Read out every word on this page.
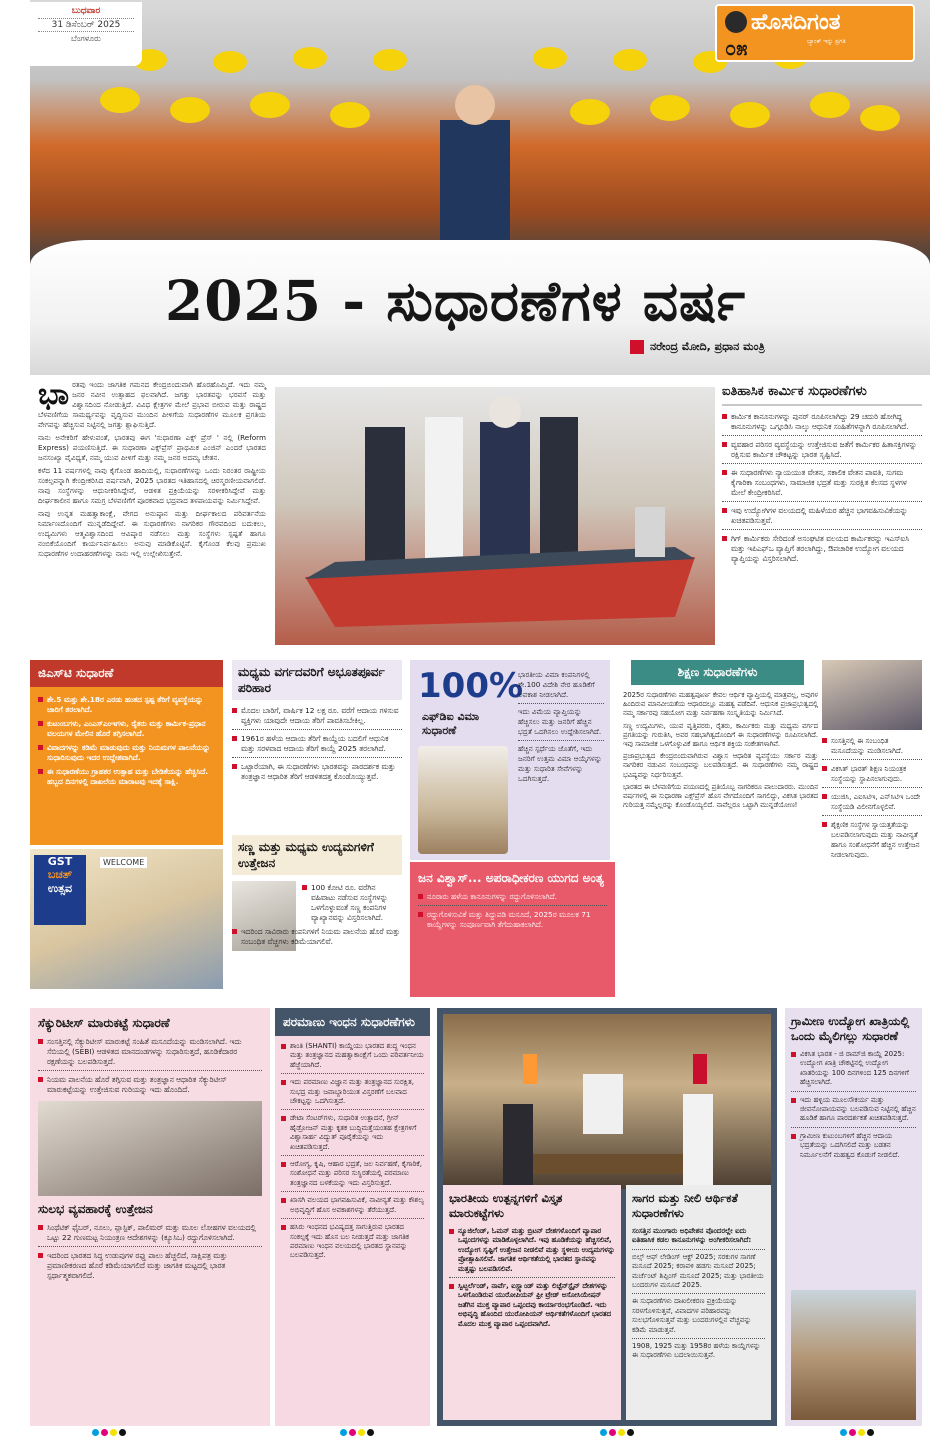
ಬುಧವಾರ
31 ಡಿಸೆಂಬರ್ 2025
ಬೆಂಗಳೂರು
ಹೊಸದಿಗಂತ
ಬ್ಯಾಂಕ್ ಇನ್ನು ಪ್ರಗತಿ
೦೫
2025 - ಸುಧಾರಣೆಗಳ ವರ್ಷ
ನರೇಂದ್ರ ಮೋದಿ, ಪ್ರಧಾನ ಮಂತ್ರಿ
ಭಾ ರತವು ಇಂದು ಜಾಗತಿಕ ಗಮನದ ಕೇಂದ್ರಬಿಂದುವಾಗಿ ಹೊರಹೊಮ್ಮಿದೆ. ಇದು ನಮ್ಮ ಜನರ ನವೀನ ಉತ್ಸಾಹದ ಫಲವಾಗಿದೆ. ಜಗತ್ತು ಭಾರತವನ್ನು ಭರವಸೆ ಮತ್ತು ವಿಶ್ವಾಸದಿಂದ ನೋಡುತ್ತಿದೆ. ವಿವಿಧ ಕ್ಷೇತ್ರಗಳ ಮೇಲೆ ಪ್ರಭಾವ ಬೀರುವ ಮತ್ತು ರಾಷ್ಟ್ರದ ಬೆಳವಣಿಗೆಯ ಸಾಮರ್ಥ್ಯವನ್ನು ವೃದ್ಧಿಸುವ ಮುಂದಿನ ಪೀಳಿಗೆಯ ಸುಧಾರಣೆಗಳ ಮೂಲಕ ಪ್ರಗತಿಯ ವೇಗವನ್ನು ಹೆಚ್ಚಿಸುವ ನಿಟ್ಟಿನಲ್ಲಿ ಜಗತ್ತು ಶ್ಲಾಘಿಸುತ್ತಿದೆ.

ನಾನು ಅನೇಕರಿಗೆ ಹೇಳುವಂತೆ, ಭಾರತವು ಈಗ 'ಸುಧಾರಣಾ ಎಕ್ಸ್ ಪ್ರೆಸ್ ' ನಲ್ಲಿ (Reform Express) ಪಯಣಿಸುತ್ತಿದೆ. ಈ ಸುಧಾರಣಾ ಎಕ್ಸ್‌ಪ್ರೆಸ್ ಪ್ರಾಥಮಿಕ ಎಂಜಿನ್ ಎಂದರೆ ಭಾರತದ ಜನಸಂಖ್ಯಾ ವೈವಿಧ್ಯತೆ, ನಮ್ಮ ಯುವ ಪೀಳಿಗೆ ಮತ್ತು ನಮ್ಮ ಜನರ ಅದಮ್ಯ ಚೇತನ.

ಕಳೆದ 11 ವರ್ಷಗಳಲ್ಲಿ ನಾವು ಕೈಗೊಂಡ ಹಾದಿಯಲ್ಲಿ, ಸುಧಾರಣೆಗಳನ್ನು ಒಂದು ನಿರಂತರ ರಾಷ್ಟ್ರೀಯ ಸಂಕಲ್ಪವನ್ನಾಗಿ ಕೇಂದ್ರೀಕರಿಸಿದ ವರ್ಷವಾಗಿ, 2025 ಭಾರತದ ಇತಿಹಾಸದಲ್ಲಿ ಚಿರಸ್ಮರಣೀಯವಾಗಲಿದೆ. ನಾವು ಸಂಸ್ಥೆಗಳನ್ನು ಆಧುನೀಕರಿಸಿದ್ದೇವೆ, ಆಡಳಿತ ಪ್ರಕ್ರಿಯೆಯನ್ನು ಸರಳೀಕರಿಸಿದ್ದೇವೆ ಮತ್ತು ದೀರ್ಘಕಾಲೀನ ಹಾಗೂ ಸಮಗ್ರ ಬೆಳವಣಿಗೆಗೆ ಪೂರಕವಾದ ಭದ್ರವಾದ ತಳಪಾಯವನ್ನು ನಿರ್ಮಿಸಿದ್ದೇವೆ.

ನಾವು ಉನ್ನತ ಮಹತ್ವಾಕಾಂಕ್ಷೆ, ವೇಗದ ಅನುಷ್ಠಾನ ಮತ್ತು ದೀರ್ಘಕಾಲದ ಪರಿವರ್ತನೆಯ ನಿರ್ಮಾಣದೊಂದಿಗೆ ಮುನ್ನಡೆದಿದ್ದೇವೆ. ಈ ಸುಧಾರಣೆಗಳು ನಾಗರಿಕರ ಗೌರವದಿಂದ ಬದುಕಲು, ಉದ್ಯಮಿಗಳು ಆತ್ಮವಿಶ್ವಾಸದಿಂದ ಆವಿಷ್ಕಾರ ನಡೆಸಲು ಮತ್ತು ಸಂಸ್ಥೆಗಳು ಸ್ಪಷ್ಟತೆ ಹಾಗೂ ನಂಬಿಕೆಯೊಂದಿಗೆ ಕಾರ್ಯನಿರ್ವಹಿಸಲು ಅನುವು ಮಾಡಿಕೊಟ್ಟಿವೆ. ಕೈಗೊಂಡ ಕೆಲವು ಪ್ರಮುಖ ಸುಧಾರಣೆಗಳ ಉದಾಹರಣೆಗಳನ್ನು ನಾನು ಇಲ್ಲಿ ಉಲ್ಲೇಖಿಸುತ್ತೇನೆ.

ಐತಿಹಾಸಿಕ ಕಾರ್ಮಿಕ ಸುಧಾರಣೆಗಳು
ಕಾರ್ಮಿಕ ಕಾನೂನುಗಳನ್ನು ಪುನರ್ ರೂಪಿಸಲಾಗಿದ್ದು 29 ಚದುರಿ ಹೋಗಿದ್ದ ಕಾನೂನುಗಳನ್ನು ಒಗ್ಗೂಡಿಸಿ ನಾಲ್ಕು ಆಧುನಿಕ ಸಂಹಿತೆಗಳನ್ನಾಗಿ ರೂಪಿಸಲಾಗಿದೆ.
ವ್ಯವಹಾರ ಪರಿಸರ ವ್ಯವಸ್ಥೆಯನ್ನು ಉತ್ತೇಜಿಸುವ ಜತೆಗೆ ಕಾರ್ಮಿಕರ ಹಿತಾಸಕ್ತಿಗಳನ್ನು ರಕ್ಷಿಸುವ ಕಾರ್ಮಿಕ ಚೌಕಟ್ಟನ್ನು ಭಾರತ ಸೃಷ್ಟಿಸಿದೆ.
ಈ ಸುಧಾರಣೆಗಳು ನ್ಯಾಯಯುತ ವೇತನ, ಸಕಾಲಿಕ ವೇತನ ಪಾವತಿ, ಸುಗಮ ಕೈಗಾರಿಕಾ ಸಂಬಂಧಗಳು, ಸಾಮಾಜಿಕ ಭದ್ರತೆ ಮತ್ತು ಸುರಕ್ಷಿತ ಕೆಲಸದ ಸ್ಥಳಗಳ ಮೇಲೆ ಕೇಂದ್ರೀಕರಿಸಿವೆ.
ಇವು ಉದ್ಯೋಗಿಗಳ ವಲಯದಲ್ಲಿ ಮಹಿಳೆಯರ ಹೆಚ್ಚಿನ ಭಾಗವಹಿಸುವಿಕೆಯನ್ನು ಖಚಿತಪಡಿಸುತ್ತವೆ.
ಗಿಗ್ ಕಾರ್ಮಿಕರು ಸೇರಿದಂತೆ ಅಸಂಘಟಿತ ವಲಯದ ಕಾರ್ಮಿಕರನ್ನು ಇಎಸ್‌ಐಸಿ ಮತ್ತು ಇಪಿಎಫ್‌ಒ ವ್ಯಾಪ್ತಿಗೆ ತರಲಾಗಿದ್ದು, ಔಪಚಾರಿಕ ಉದ್ಯೋಗ ವಲಯದ ವ್ಯಾಪ್ತಿಯನ್ನು ವಿಸ್ತರಿಸಲಾಗಿದೆ.
ಜಿಎಸ್‌ಟಿ ಸುಧಾರಣೆ
ಶೇ.5 ಮತ್ತು ಶೇ.18ರ ಎರಡು ಹಂತದ ಸ್ಪಷ್ಟ ತೆರಿಗೆ ವ್ಯವಸ್ಥೆಯನ್ನು ಜಾರಿಗೆ ತರಲಾಗಿದೆ.
ಕುಟುಂಬಗಳು, ಎಂಎಸ್‌ಎಂಇಗಳು, ರೈತರು ಮತ್ತು ಕಾರ್ಮಿಕ-ಪ್ರಧಾನ ವಲಯಗಳ ಮೇಲಿನ ಹೊರೆ ತಗ್ಗಿಸಲಾಗಿದೆ.
ವಿವಾದಗಳನ್ನು ಕಡಿಮೆ ಮಾಡುವುದು ಮತ್ತು ನಿಯಮಗಳ ಪಾಲನೆಯನ್ನು ಸುಧಾರಿಸುವುದು ಇದರ ಉದ್ದೇಶವಾಗಿದೆ.
ಈ ಸುಧಾರಣೆಯು ಗ್ರಾಹಕರ ಉತ್ಸಾಹ ಮತ್ತು ಬೇಡಿಕೆಯನ್ನು ಹೆಚ್ಚಿಸಿದೆ. ಹಬ್ಬದ ದಿನಗಳಲ್ಲಿ ದಾಖಲೆಯ ಮಾರಾಟವು ಇದಕ್ಕೆ ಸಾಕ್ಷಿ.
GST
ಬಚತ್
ಉತ್ಸವ
WELCOME
ಮಧ್ಯಮ ವರ್ಗದವರಿಗೆ ಅಭೂತಪೂರ್ವ ಪರಿಹಾರ
ಮೊದಲ ಬಾರಿಗೆ, ವಾರ್ಷಿಕ 12 ಲಕ್ಷ ರೂ. ವರೆಗೆ ಆದಾಯ ಗಳಿಸುವ ವ್ಯಕ್ತಿಗಳು ಯಾವುದೇ ಆದಾಯ ತೆರಿಗೆ ಪಾವತಿಸಬೇಕಿಲ್ಲ.
1961ರ ಹಳೆಯ ಆದಾಯ ತೆರಿಗೆ ಕಾಯ್ದೆಯ ಬದಲಿಗೆ ಆಧುನಿಕ ಮತ್ತು ಸರಳವಾದ ಆದಾಯ ತೆರಿಗೆ ಕಾಯ್ದೆ 2025 ತರಲಾಗಿದೆ.
ಒಟ್ಟಾರೆಯಾಗಿ, ಈ ಸುಧಾರಣೆಗಳು ಭಾರತವನ್ನು ಪಾರದರ್ಶಕ ಮತ್ತು ತಂತ್ರಜ್ಞಾನ ಆಧಾರಿತ ತೆರಿಗೆ ಆಡಳಿತದತ್ತ ಕೊಂಡೊಯ್ಯುತ್ತವೆ.
ಸಣ್ಣ ಮತ್ತು ಮಧ್ಯಮ ಉದ್ಯಮಗಳಿಗೆ ಉತ್ತೇಜನ
100 ಕೋಟಿ ರೂ. ವರೆಗಿನ ವಹಿವಾಟು ನಡೆಸುವ ಸಂಸ್ಥೆಗಳನ್ನು ಒಳಗೊಳ್ಳುವಂತೆ ಸಣ್ಣ ಕಂಪನಿಗಳ ವ್ಯಾಖ್ಯಾನವನ್ನು ವಿಸ್ತರಿಸಲಾಗಿದೆ.
ಇದರಿಂದ ಸಾವಿರಾರು ಕಂಪನಿಗಳಿಗೆ ನಿಯಮ ಪಾಲನೆಯ ಹೊರೆ ಮತ್ತು ಸಂಬಂಧಿತ ವೆಚ್ಚಗಳು ಕಡಿಮೆಯಾಗಲಿವೆ.
100%
ಎಫ್‌ಡಿಐ ವಿಮಾ ಸುಧಾರಣೆ

ಭಾರತೀಯ ವಿಮಾ ಕಂಪನಿಗಳಲ್ಲಿ ಶೇ.100 ವಿದೇಶಿ ನೇರ ಹೂಡಿಕೆಗೆ ಅವಕಾಶ ನೀಡಲಾಗಿದೆ.

ಇದು ವಿಮೆಯ ವ್ಯಾಪ್ತಿಯನ್ನು ಹೆಚ್ಚಿಸಲು ಮತ್ತು ಜನರಿಗೆ ಹೆಚ್ಚಿನ ಭದ್ರತೆ ಒದಗಿಸಲು ಉದ್ದೇಶಿಸಲಾಗಿದೆ.

ಹೆಚ್ಚಿನ ಸ್ಪರ್ಧೆಯ ಜೊತೆಗೆ, ಇದು ಜನರಿಗೆ ಉತ್ತಮ ವಿಮಾ ಆಯ್ಕೆಗಳನ್ನು ಮತ್ತು ಸುಧಾರಿತ ಸೇವೆಗಳನ್ನು ಒದಗಿಸುತ್ತದೆ.

ಜನ ವಿಶ್ವಾಸ್... ಅಪರಾಧೀಕರಣ ಯುಗದ ಅಂತ್ಯ
ನೂರಾರು ಹಳೆಯ ಕಾನೂನುಗಳನ್ನು ರದ್ದುಗೊಳಿಸಲಾಗಿದೆ.
ರದ್ದುಗೊಳಿಸುವಿಕೆ ಮತ್ತು ತಿದ್ದುಪಡಿ ಮಸೂದೆ, 2025ರ ಮೂಲಕ 71 ಕಾಯ್ದೆಗಳನ್ನು ಸಂಪೂರ್ಣವಾಗಿ ತೆಗೆದುಹಾಕಲಾಗಿದೆ.
ಶಿಕ್ಷಣ ಸುಧಾರಣೆಗಳು

2025ರ ಸುಧಾರಣೆಗಳು ಮಹತ್ವಪೂರ್ಣ ಕೇವಲ ಆರ್ಥಿಕ ವ್ಯಾಪ್ತಿಯಲ್ಲಿ ಮಾತ್ರವಲ್ಲ, ಅವುಗಳ ಹಿಂದಿರುವ ಮಾನವೀಯತೆಯ ಆಧಾರದಲ್ಲೂ ಮಹತ್ವ ಪಡೆದಿವೆ. ಆಧುನಿಕ ಪ್ರಜಾಪ್ರಭುತ್ವದಲ್ಲಿ ನಮ್ಮ ಸರ್ಕಾರವು ಸಹಯೋಗ ಮತ್ತು ನಿರ್ವಹಣಾ ಸಂಸ್ಕೃತಿಯನ್ನು ನಿರ್ಮಿಸಿದೆ.

ಸಣ್ಣ ಉದ್ಯಮಿಗಳು, ಯುವ ವೃತ್ತಿಪರರು, ರೈತರು, ಕಾರ್ಮಿಕರು ಮತ್ತು ಮಧ್ಯಮ ವರ್ಗದ ಪ್ರಗತಿಯನ್ನು ಗುರುತಿಸಿ, ಅವರ ಸಹಭಾಗಿತ್ವದೊಂದಿಗೆ ಈ ಸುಧಾರಣೆಗಳನ್ನು ರೂಪಿಸಲಾಗಿದೆ. ಇವು ಸಾಮಾಜಿಕ ಒಳಗೊಳ್ಳುವಿಕೆ ಹಾಗೂ ಆರ್ಥಿಕ ಶಕ್ತಿಯ ಸಂಕೇತಗಳಾಗಿವೆ.

ಪ್ರಜಾಪ್ರಭುತ್ವದ ಕೇಂದ್ರಬಿಂದುವಾಗಿರುವ ವಿಶ್ವಾಸ ಆಧಾರಿತ ವ್ಯವಸ್ಥೆಯು ಸರ್ಕಾರ ಮತ್ತು ನಾಗರಿಕರ ನಡುವಿನ ಸಂಬಂಧವನ್ನು ಬಲಪಡಿಸುತ್ತದೆ. ಈ ಸುಧಾರಣೆಗಳು ನಮ್ಮ ರಾಷ್ಟ್ರದ ಭವಿಷ್ಯವನ್ನು ನಿರ್ಧರಿಸುತ್ತವೆ.

ಭಾರತದ ಈ ಬೆಳವಣಿಗೆಯ ಪಯಣದಲ್ಲಿ ಪ್ರತಿಯೊಬ್ಬ ನಾಗರಿಕರೂ ಪಾಲುದಾರರು. ಮುಂದಿನ ವರ್ಷಗಳಲ್ಲಿ ಈ ಸುಧಾರಣಾ ಎಕ್ಸ್‌ಪ್ರೆಸ್ ಹೊಸ ವೇಗದೊಂದಿಗೆ ಸಾಗಲಿದ್ದು, ವಿಕಸಿತ ಭಾರತದ ಗುರಿಯತ್ತ ನಮ್ಮೆಲ್ಲರನ್ನು ಕೊಂಡೊಯ್ಯಲಿದೆ. ನಾವೆಲ್ಲರೂ ಒಟ್ಟಾಗಿ ಮುನ್ನಡೆಯೋಣ!

ಸಂಸತ್ತಿನಲ್ಲಿ ಈ ಸಂಬಂಧಿತ ಮಸೂದೆಯನ್ನು ಮಂಡಿಸಲಾಗಿದೆ.
ವಿಕಸಿತ್ ಭಾರತ್ ಶಿಕ್ಷಣ ನಿಯಂತ್ರಕ ಸಂಸ್ಥೆಯನ್ನು ಸ್ಥಾಪಿಸಲಾಗುವುದು.
ಯುಜಿಸಿ, ಎಐಸಿಟಿಇ, ಎನ್‌ಸಿಟಿಇ ಒಂದೇ ಸಂಸ್ಥೆಯಡಿ ವಿಲೀನಗೊಳ್ಳಲಿವೆ.
ಶೈಕ್ಷಣಿಕ ಸಂಸ್ಥೆಗಳ ಸ್ವಾಯತ್ತತೆಯನ್ನು ಬಲಪಡಿಸಲಾಗುವುದು ಮತ್ತು ನಾವೀನ್ಯತೆ ಹಾಗೂ ಸಂಶೋಧನೆಗೆ ಹೆಚ್ಚಿನ ಉತ್ತೇಜನ ನೀಡಲಾಗುವುದು.
ಸೆಕ್ಯುರಿಟೀಸ್ ಮಾರುಕಟ್ಟೆ ಸುಧಾರಣೆ
ಸಂಸತ್ತಿನಲ್ಲಿ ಸೆಕ್ಯುರಿಟೀಸ್ ಮಾರುಕಟ್ಟೆ ಸಂಹಿತೆ ಮಸೂದೆಯನ್ನು ಮಂಡಿಸಲಾಗಿದೆ. ಇದು ಸೆಬಿಯಲ್ಲಿ (SEBI) ಆಡಳಿತದ ಮಾನದಂಡಗಳನ್ನು ಸುಧಾರಿಸುತ್ತದೆ, ಹೂಡಿಕೆದಾರರ ರಕ್ಷಣೆಯನ್ನು ಬಲಪಡಿಸುತ್ತದೆ.
ನಿಯಮ ಪಾಲನೆಯ ಹೊರೆ ತಗ್ಗಿಸುವ ಮತ್ತು ತಂತ್ರಜ್ಞಾನ ಆಧಾರಿತ ಸೆಕ್ಯುರಿಟೀಸ್ ಮಾರುಕಟ್ಟೆಯನ್ನು ಉತ್ತೇಜಿಸುವ ಗುರಿಯನ್ನು ಇದು ಹೊಂದಿದೆ.
ಸುಲಭ ವ್ಯವಹಾರಕ್ಕೆ ಉತ್ತೇಜನ
ಸಿಂಥೆಟಿಕ್ ಫೈಬರ್, ನೂಲು, ಪ್ಲಾಸ್ಟಿಕ್, ಪಾಲಿಮರ್ ಮತ್ತು ಮೂಲ ಲೋಹಗಳ ವಲಯದಲ್ಲಿ ಒಟ್ಟು 22 ಗುಣಮಟ್ಟ ನಿಯಂತ್ರಣ ಆದೇಶಗಳನ್ನು (ಕ್ಯೂಸಿಒ) ರದ್ದುಗೊಳಿಸಲಾಗಿದೆ.
ಇದರಿಂದ ಭಾರತದ ಸಿದ್ಧ ಉಡುಪುಗಳ ರಫ್ತು ಪಾಲು ಹೆಚ್ಚಲಿದೆ, ಸಾಕ್ಷಿಪತ್ರ ಮತ್ತು ಪ್ರಮಾಣೀಕರಣದ ಹೊರೆ ಕಡಿಮೆಯಾಗಲಿದೆ ಮತ್ತು ಜಾಗತಿಕ ಮಟ್ಟದಲ್ಲಿ ಭಾರತ ಸ್ಪರ್ಧಾತ್ಮಕವಾಗಲಿದೆ.
ಪರಮಾಣು ಇಂಧನ ಸುಧಾರಣೆಗಳು
ಶಾಂತಿ (SHANTI) ಕಾಯ್ದೆಯು ಭಾರತದ ಶುದ್ಧ ಇಂಧನ ಮತ್ತು ತಂತ್ರಜ್ಞಾನದ ಮಹತ್ವಾಕಾಂಕ್ಷೆಗೆ ಒಂದು ಪರಿವರ್ತನೀಯ ಹೆಜ್ಜೆಯಾಗಿದೆ.
ಇದು ಪರಮಾಣು ವಿಜ್ಞಾನ ಮತ್ತು ತಂತ್ರಜ್ಞಾನದ ಸುರಕ್ಷಿತ, ಸುಭದ್ರ ಮತ್ತು ಜವಾಬ್ದಾರಿಯುತ ವಿಸ್ತರಣೆಗೆ ಬಲವಾದ ಚೌಕಟ್ಟನ್ನು ಒದಗಿಸುತ್ತದೆ.
ಡೇಟಾ ಸೆಂಟರ್‌ಗಳು, ಸುಧಾರಿತ ಉತ್ಪಾದನೆ, ಗ್ರೀನ್ ಹೈಡ್ರೋಜನ್ ಮತ್ತು ಕೃತಕ ಬುದ್ಧಿಮತ್ತೆಯಂತಹ ಕ್ಷೇತ್ರಗಳಿಗೆ ವಿಶ್ವಾಸಾರ್ಹ ವಿದ್ಯುತ್ ಪೂರೈಕೆಯನ್ನು ಇದು ಖಚಿತಪಡಿಸುತ್ತದೆ.
ಆರೋಗ್ಯ, ಕೃಷಿ, ಆಹಾರ ಭದ್ರತೆ, ಜಲ ನಿರ್ವಹಣೆ, ಕೈಗಾರಿಕೆ, ಸಂಶೋಧನೆ ಮತ್ತು ಪರಿಸರ ಸುಸ್ಥಿರತೆಯಲ್ಲಿ ಪರಮಾಣು ತಂತ್ರಜ್ಞಾನದ ಬಳಕೆಯನ್ನು ಇದು ವಿಸ್ತರಿಸುತ್ತದೆ.
ಖಾಸಗಿ ವಲಯದ ಭಾಗವಹಿಸುವಿಕೆ, ನಾವೀನ್ಯತೆ ಮತ್ತು ಕೌಶಲ್ಯ ಅಭಿವೃದ್ಧಿಗೆ ಹೊಸ ಅವಕಾಶಗಳನ್ನು ತೆರೆಯುತ್ತದೆ.
ಹಸಿರು ಇಂಧನದ ಭವಿಷ್ಯದತ್ತ ಸಾಗುತ್ತಿರುವ ಭಾರತದ ಸಂಕಲ್ಪಕ್ಕೆ ಇದು ಹೊಸ ಬಲ ನೀಡುತ್ತದೆ ಮತ್ತು ಜಾಗತಿಕ ಪರಮಾಣು ಇಂಧನ ವಲಯದಲ್ಲಿ ಭಾರತದ ಸ್ಥಾನವನ್ನು ಬಲಪಡಿಸುತ್ತದೆ.
ಭಾರತೀಯ ಉತ್ಪನ್ನಗಳಿಗೆ ವಿಸ್ತೃತ ಮಾರುಕಟ್ಟೆಗಳು
ನ್ಯೂಜಿಲೆಂಡ್, ಓಮನ್ ಮತ್ತು ಬ್ರಿಟನ್ ದೇಶಗಳೊಂದಿಗೆ ವ್ಯಾಪಾರ ಒಪ್ಪಂದಗಳನ್ನು ಮಾಡಿಕೊಳ್ಳಲಾಗಿದೆ. ಇವು ಹೂಡಿಕೆಯನ್ನು ಹೆಚ್ಚಿಸಲಿವೆ, ಉದ್ಯೋಗ ಸೃಷ್ಟಿಗೆ ಉತ್ತೇಜನ ನೀಡಲಿವೆ ಮತ್ತು ಸ್ಥಳೀಯ ಉದ್ಯಮಗಳನ್ನು ಪ್ರೋತ್ಸಾಹಿಸಲಿವೆ. ಜಾಗತಿಕ ಆರ್ಥಿಕತೆಯಲ್ಲಿ ಭಾರತದ ಸ್ಥಾನವನ್ನು ಮತ್ತಷ್ಟು ಬಲಪಡಿಸಲಿವೆ.
ಸ್ವಿಟ್ಜರ್ಲೆಂಡ್, ನಾರ್ವೆ, ಐಸ್ಲ್ಯಾಂಡ್ ಮತ್ತು ಲಿಚ್ಟೆನ್‌ಸ್ಟೈನ್ ದೇಶಗಳನ್ನು ಒಳಗೊಂಡಿರುವ ಯುರೋಪಿಯನ್ ಫ್ರೀ ಟ್ರೇಡ್ ಅಸೋಸಿಯೇಷನ್ ಜತೆಗಿನ ಮುಕ್ತ ವ್ಯಾಪಾರ ಒಪ್ಪಂದವು ಕಾರ್ಯಾರಂಭಗೊಂಡಿದೆ. ಇದು ಅಭಿವೃದ್ಧಿ ಹೊಂದಿದ ಯುರೋಪಿಯನ್ ಆರ್ಥಿಕತೆಗಳೊಂದಿಗೆ ಭಾರತದ ಮೊದಲ ಮುಕ್ತ ವ್ಯಾಪಾರ ಒಪ್ಪಂದವಾಗಿದೆ.
ಸಾಗರ ಮತ್ತು ನೀಲಿ ಆರ್ಥಿಕತೆ ಸುಧಾರಣೆಗಳು

ಸಂಸತ್ತಿನ ಮುಂಗಾರು ಅಧಿವೇಶನ ವೊಂದರಲ್ಲೇ ಐದು ಐತಿಹಾಸಿಕ ಕಡಲ ಕಾನೂನುಗಳನ್ನು ಅಂಗೀಕರಿಸಲಾಗಿದೆ:

ಬಿಲ್ಸ್ ಆಫ್ ಲೇಡಿಂಗ್ ಆಕ್ಟ್ 2025; ಸರಕುಗಳ ಸಾಗಣೆ ಮಸೂದೆ 2025; ಕರಾವಳಿ ಹಡಗು ಮಸೂದೆ 2025; ಮರ್ಚೆಂಟ್ ಶಿಪ್ಪಿಂಗ್ ಮಸೂದೆ 2025; ಮತ್ತು ಭಾರತೀಯ ಬಂದರುಗಳ ಮಸೂದೆ 2025.

ಈ ಸುಧಾರಣೆಗಳು ದಾಖಲೀಕರಣ ಪ್ರಕ್ರಿಯೆಯನ್ನು ಸರಳಗೊಳಿಸುತ್ತವೆ, ವಿವಾದಗಳ ಪರಿಹಾರವನ್ನು ಸುಲಭಗೊಳಿಸುತ್ತವೆ ಮತ್ತು ಬಂದರುಗಳಲ್ಲಿನ ವೆಚ್ಚವನ್ನು ಕಡಿಮೆ ಮಾಡುತ್ತವೆ.

1908, 1925 ಮತ್ತು 1958ರ ಹಳೆಯ ಕಾಯ್ದೆಗಳನ್ನು ಈ ಸುಧಾರಣೆಗಳು ಬದಲಾಯಿಸುತ್ತವೆ.

ಗ್ರಾಮೀಣ ಉದ್ಯೋಗ ಖಾತ್ರಿಯಲ್ಲಿ ಒಂದು ಮೈಲಿಗಲ್ಲು ಸುಧಾರಣೆ
ವಿಕಸಿತ ಭಾರತ - ಜಿ ರಾಮ್‌ಜಿ ಕಾಯ್ದೆ 2025: ಉದ್ಯೋಗ ಖಾತ್ರಿ ಚೌಕಟ್ಟಿನಲ್ಲಿ ಉದ್ಯೋಗ ಖಾತರಿಯನ್ನು 100 ದಿನಗಳಿಂದ 125 ದಿನಗಳಿಗೆ ಹೆಚ್ಚಿಸಲಾಗಿದೆ.
ಇದು ಹಳ್ಳಿಯ ಮೂಲಸೌಕರ್ಯ ಮತ್ತು ಜೀವನೋಪಾಯವನ್ನು ಬಲಪಡಿಸುವ ನಿಟ್ಟಿನಲ್ಲಿ ಹೆಚ್ಚಿನ ಹೂಡಿಕೆ ಹಾಗೂ ಪಾರದರ್ಶಕತೆ ಖಚಿತಪಡಿಸುತ್ತದೆ.
ಗ್ರಾಮೀಣ ಕುಟುಂಬಗಳಿಗೆ ಹೆಚ್ಚಿನ ಆದಾಯ ಭದ್ರತೆಯನ್ನು ಒದಗಿಸಲಿದೆ ಮತ್ತು ಬಡತನ ನಿರ್ಮೂಲನೆಗೆ ಮಹತ್ವದ ಕೊಡುಗೆ ನೀಡಲಿದೆ.
